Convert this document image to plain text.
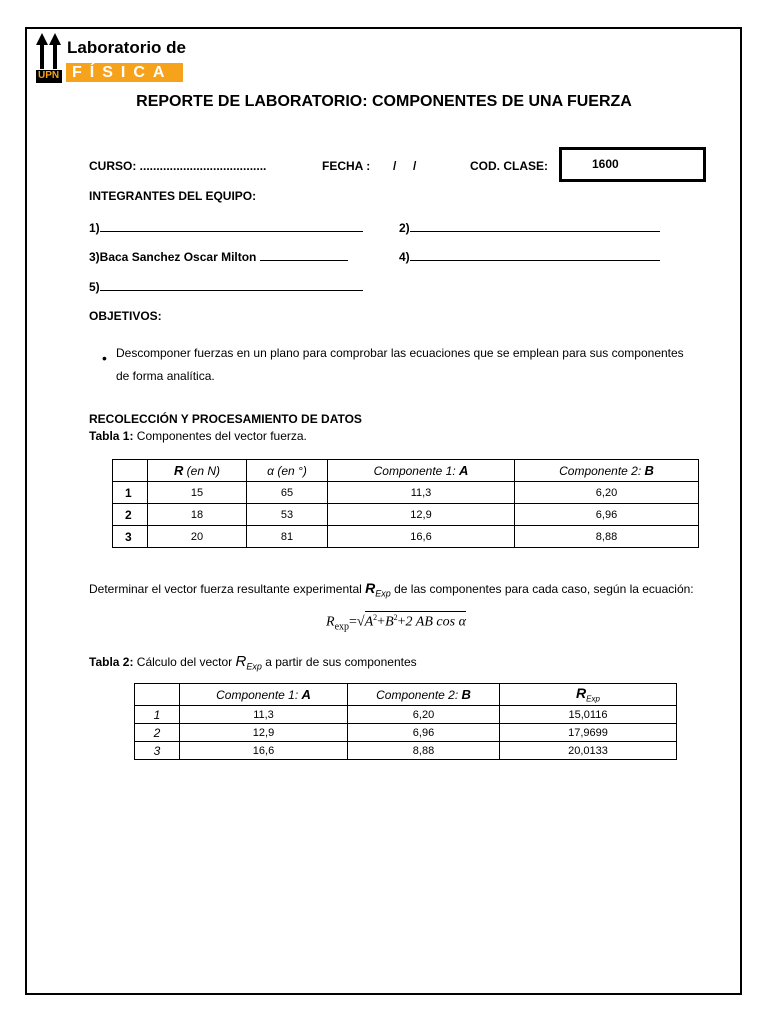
UPN
Laboratorio de
FÍSICA
REPORTE DE LABORATORIO: COMPONENTES DE UNA FUERZA
CURSO: ......................................	FECHA : /     /	COD. CLASE:	1600
INTEGRANTES DEL EQUIPO:
1)	2)
3)Baca Sanchez Oscar Milton	4)
5)
OBJETIVOS:
• Descomponer fuerzas en un plano para comprobar las ecuaciones que se emplean para sus componentes
de forma analítica.
RECOLECCIÓN Y PROCESAMIENTO DE DATOS
Tabla 1: Componentes del vector fuerza.
	R (en N)	α (en °)	Componente 1: A	Componente 2: B
1	15	65	11,3	6,20
2	18	53	12,9	6,96
3	20	81	16,6	8,88
Determinar el vector fuerza resultante experimental $R_{Exp}$ de las componentes para cada caso, según la ecuación:
$R_{exp}=√A^2+B^2+2$ AB cos α
Tabla 2: Cálculo del vector $R_{Exp}$ a partir de sus componentes
	Componente 1: A	Componente 2: B	$R_{Exp}$
1	11,3	6,20	15,0116
2	12,9	6,96	17,9699
3	16,6	8,88	20,0133
